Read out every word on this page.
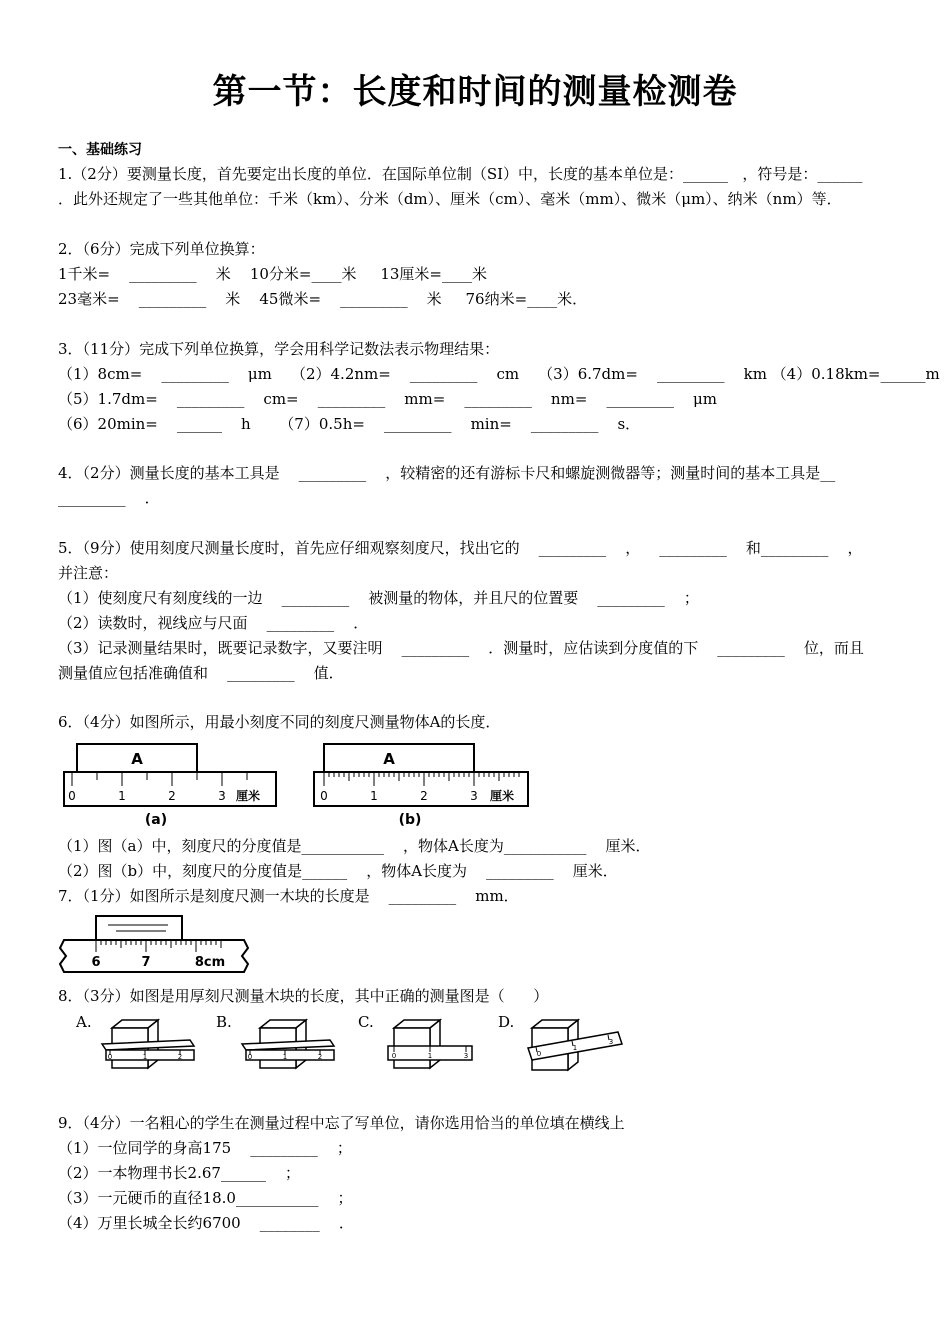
第一节：长度和时间的测量检测卷
一、基础练习
1.（2分）要测量长度，首先要定出长度的单位．在国际单位制（SI）中，长度的基本单位是：______   ，符号是：______
．此外还规定了一些其他单位：千米（km）、分米（dm）、厘米（cm）、毫米（mm）、微米（μm）、纳米（nm）等．
2．（6分）完成下列单位换算：
1千米=    _________    米    10分米=____米     13厘米=____米
23毫米=    _________    米    45微米=    _________    米     76纳米=____米．
3．（11分）完成下列单位换算，学会用科学记数法表示物理结果：
（1）8cm=    _________    μm    （2）4.2nm=    _________    cm    （3）6.7dm=    _________    km （4）0.18km=______m
（5）1.7dm=    _________    cm=    _________    mm=    _________    nm=    _________    μm
（6）20min=    ______    h      （7）0.5h=    _________    min=    _________    s．
4．（2分）测量长度的基本工具是    _________    ，较精密的还有游标卡尺和螺旋测微器等；测量时间的基本工具是__
_________    ．
5．（9分）使用刻度尺测量长度时，首先应仔细观察刻度尺，找出它的    _________    ，    _________    和_________    ，
并注意：
（1）使刻度尺有刻度线的一边    _________    被测量的物体，并且尺的位置要    _________    ；
（2）读数时，视线应与尺面    _________    ．
（3）记录测量结果时，既要记录数字，又要注明    _________    ．测量时，应估读到分度值的下    _________    位，而且
测量值应包括准确值和    _________    值．
6．（4分）如图所示，用最小刻度不同的刻度尺测量物体A的长度．
A
0	1	2	3 厘米
(a)
A
0	1	2	3 厘米
(b)
（1）图（a）中，刻度尺的分度值是___________    ，物体A长度为___________    厘米．
（2）图（b）中，刻度尺的分度值是______    ，物体A长度为    _________    厘米．
7．（1分）如图所示是刻度尺测一木块的长度是    _________    mm．
6	7	8cm
8．（3分）如图是用厚刻尺测量木块的长度，其中正确的测量图是（      ）
A.	B.	C.	D.
0	1	2	0	1	2	0	1	3	0
1
3
9．（4分）一名粗心的学生在测量过程中忘了写单位，请你选用恰当的单位填在横线上
（1）一位同学的身高175    _________    ；
（2）一本物理书长2.67______    ；
（3）一元硬币的直径18.0___________    ；
（4）万里长城全长约6700    ________    ．
